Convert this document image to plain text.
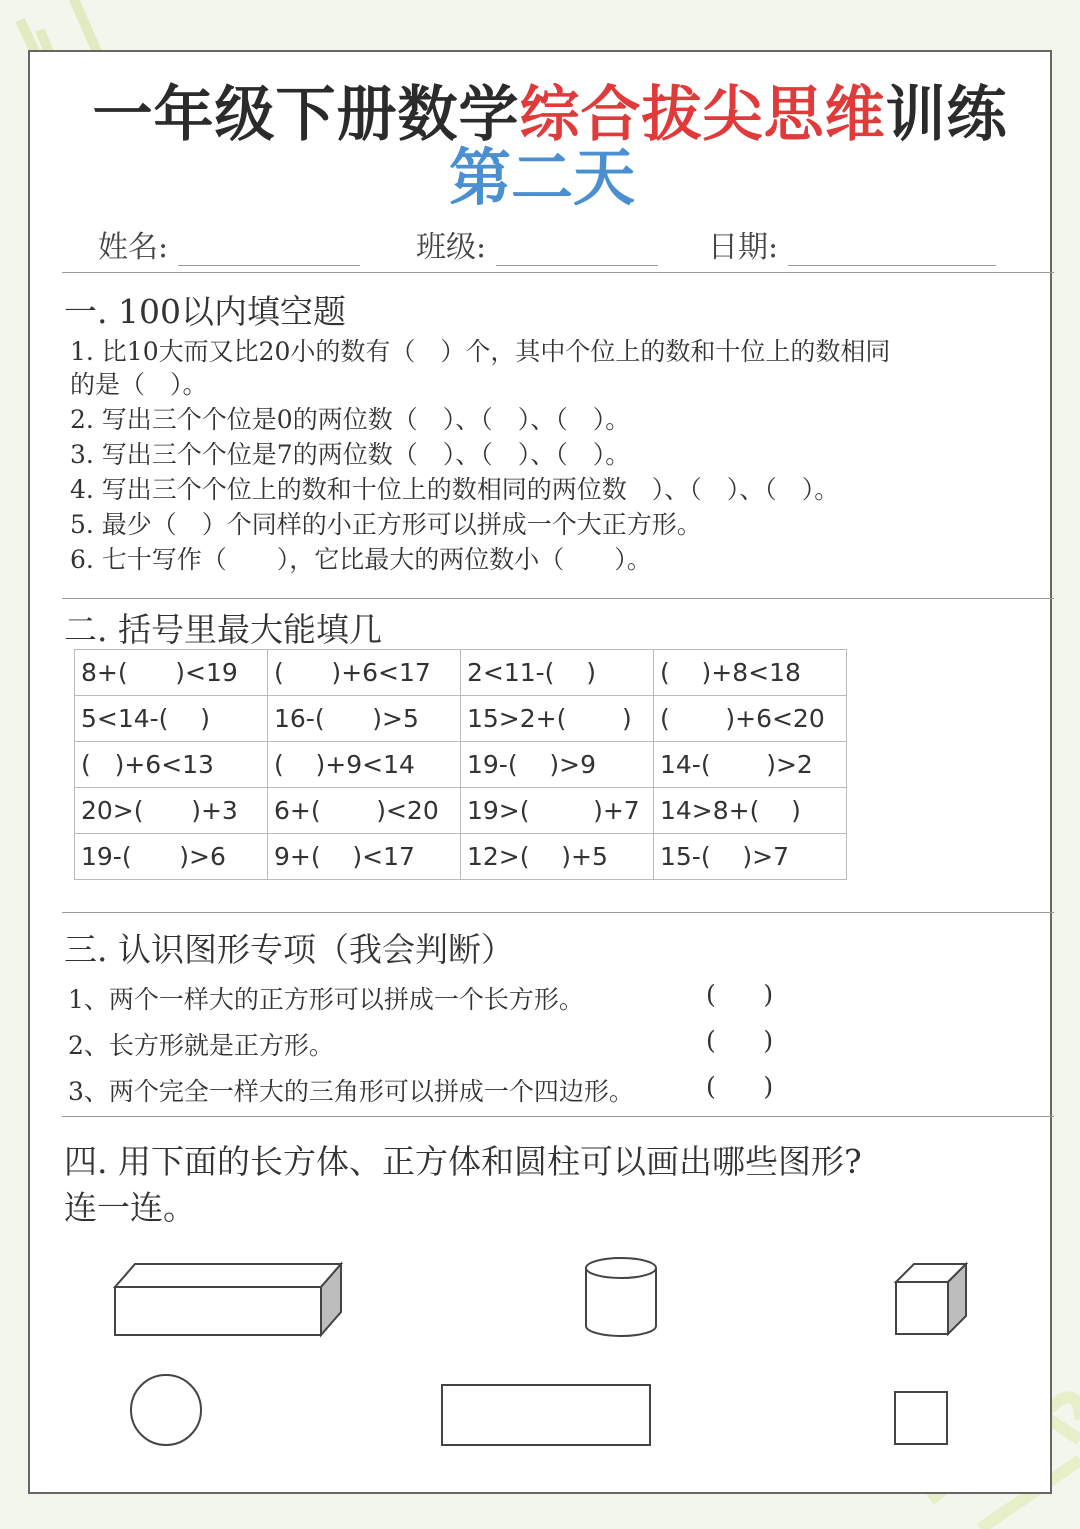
一年级下册数学综合拔尖思维训练
第二天
姓名:	班级:	日期:
一. 100以内填空题
1. 比10大而又比20小的数有（　）个，其中个位上的数和十位上的数相同
的是（　）。
2. 写出三个个位是0的两位数（　）、（　）、（　）。
3. 写出三个个位是7的两位数（　）、（　）、（　）。
4. 写出三个个位上的数和十位上的数相同的两位数　）、（　）、（　）。
5. 最少（　）个同样的小正方形可以拼成一个大正方形。
6. 七十写作（　　），它比最大的两位数小（　　）。
二. 括号里最大能填几
8+(      )<19	(      )+6<17	2<11-(    )	(    )+8<18
5<14-(    )	16-(      )>5	15>2+(       )	(       )+6<20
(   )+6<13	(    )+9<14	19-(    )>9	14-(       )>2
20>(      )+3	6+(       )<20	19>(        )+7	14>8+(    )
19-(      )>6	9+(    )<17	12>(    )+5	15-(    )>7
三. 认识图形专项（我会判断）
1、两个一样大的正方形可以拼成一个长方形。	(      )
2、长方形就是正方形。	(      )
3、两个完全一样大的三角形可以拼成一个四边形。	(      )
四. 用下面的长方体、正方体和圆柱可以画出哪些图形?
连一连。
